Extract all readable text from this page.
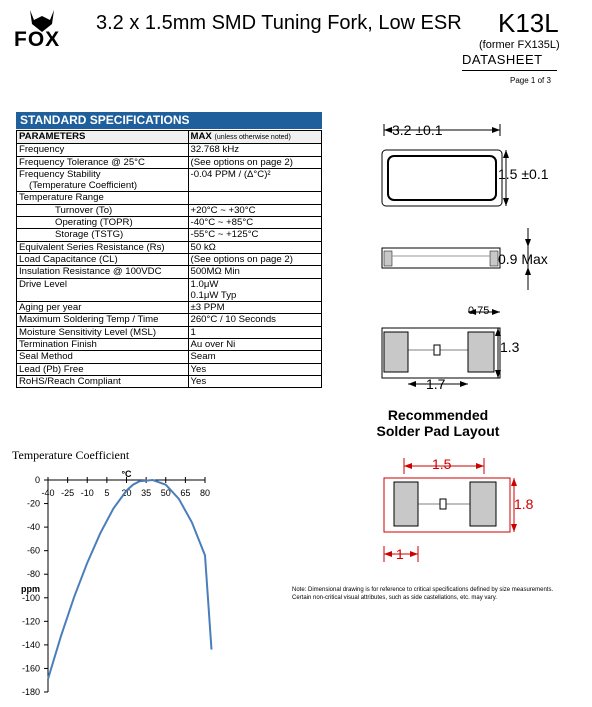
FOX
3.2 x 1.5mm SMD Tuning Fork, Low ESR K13L
(former FX135L)
DATASHEET
Page 1 of 3
STANDARD SPECIFICATIONS
PARAMETERS	MAX (unless otherwise noted)
Frequency	32.768 kHz

Frequency Tolerance @ 25°C	(See options on page 2)

Frequency Stability
(Temperature Coefficient)	-0.04 PPM / (Δ°C)²

Temperature Range	

Turnover (To)	+20°C ~ +30°C

Operating (TOPR)	-40°C ~ +85°C

Storage (TSTG)	-55°C ~ +125°C

Equivalent Series Resistance (Rs)	50 kΩ

Load Capacitance (CL)	(See options on page 2)

Insulation Resistance @ 100VDC	500MΩ Min

Drive Level	1.0μW
0.1μW Typ

Aging per year	±3 PPM

Maximum Soldering Temp / Time	260°C / 10 Seconds

Moisture Sensitivity Level (MSL)	1

Termination Finish	Au over Ni

Seal Method	Seam

Lead (Pb) Free	Yes

RoHS/Reach Compliant	Yes
3.2 ±0.1
1.5 ±0.1
0.9 Max
0.75
1.3
1.7
Recommended
Solder Pad Layout
1.5
1.8
1
Note: Dimensional drawing is for reference to critical specifications defined by size measurements.
Certain non-critical visual attributes, such as side castellations, etc. may vary.
Temperature Coefficient
0
-20
-40
-60
-80
-100
-120
-140
-160
-180
-40 -25 -10 5 20 35 50 65 80
°C
ppm
